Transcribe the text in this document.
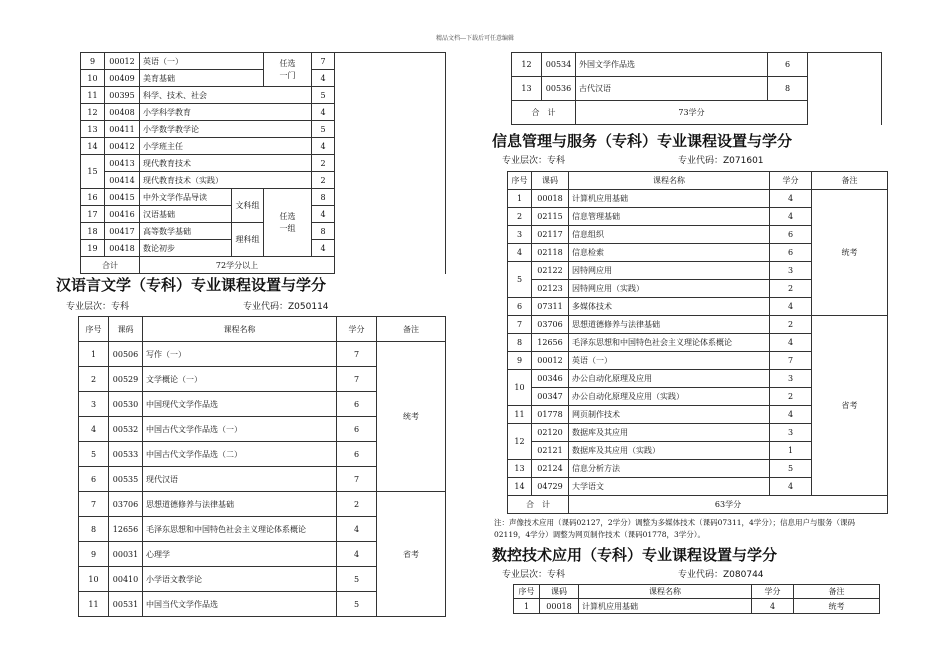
精品文档---下载后可任意编辑
9	00012	英语（一）		任选一门	7	
10	00409	美育基础			4	
11	00395	科学、技术、社会			5	
12	00408	小学科学教育			4	
13	00411	小学数学教学论			5	
14	00412	小学班主任			4	
15	00413	现代教育技术			2	
	00414	现代教育技术（实践）			2	
16	00415	中外文学作品导读	文科组	任选一组	8	
17	00416	汉语基础			4	
18	00417	高等数学基础	理科组		8	
19	00418	数论初步			4	
合计		72学分以上				
汉语言文学（专科）专业课程设置与学分
专业层次：专科	专业代码：Z050114
序号	课码	课程名称	学分	备注
1	00506	写作（一）	7	统考
2	00529	文学概论（一）	7	
3	00530	中国现代文学作品选	6	
4	00532	中国古代文学作品选（一）	6	
5	00533	中国古代文学作品选（二）	6	
6	00535	现代汉语	7	
7	03706	思想道德修养与法律基础	2	省考
8	12656	毛泽东思想和中国特色社会主义理论体系概论	4	
9	00031	心理学	4	
10	00410	小学语文教学论	5	
11	00531	中国当代文学作品选	5	
12	00534	外国文学作品选	6	
13	00536	古代汉语	8	
合　计		73学分		
信息管理与服务（专科）专业课程设置与学分
专业层次：专科	专业代码：Z071601
序号	课码	课程名称	学分	备注
1	00018	计算机应用基础	4	统考
2	02115	信息管理基础	4	
3	02117	信息组织	6	
4	02118	信息检索	6	
5	02122	因特网应用	3	
	02123	因特网应用（实践）	2	
6	07311	多媒体技术	4	
7	03706	思想道德修养与法律基础	2	省考
8	12656	毛泽东思想和中国特色社会主义理论体系概论	4	
9	00012	英语（一）	7	
10	00346	办公自动化原理及应用	3	
	00347	办公自动化原理及应用（实践）	2	
11	01778	网页制作技术	4	
12	02120	数据库及其应用	3	
	02121	数据库及其应用（实践）	1	
13	02124	信息分析方法	5	
14	04729	大学语文	4	
合　计		63学分		
注：声像技术应用（课码02127，2学分）调整为多媒体技术（课码07311，4学分）；信息用户与服务（课码
02119，4学分）调整为网页制作技术（课码01778，3学分）。
数控技术应用（专科）专业课程设置与学分
专业层次：专科	专业代码：Z080744
序号	课码	课程名称	学分	备注
1	00018	计算机应用基础	4	统考
